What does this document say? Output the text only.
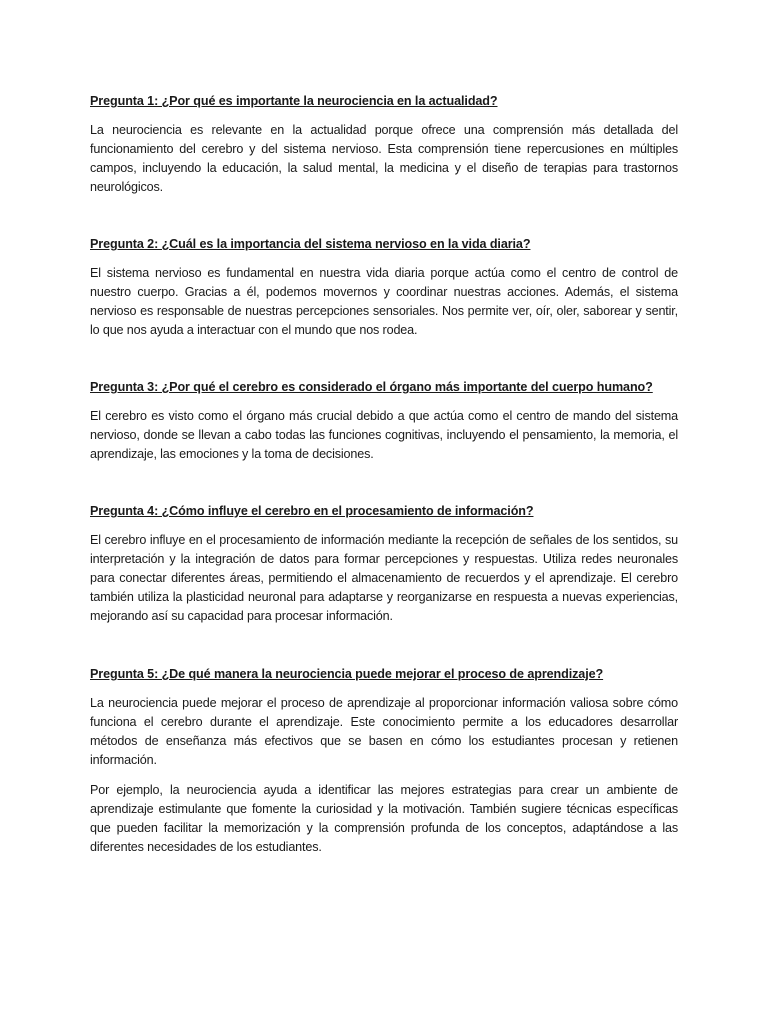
Pregunta 1: ¿Por qué es importante la neurociencia en la actualidad?

La neurociencia es relevante en la actualidad porque ofrece una comprensión más detallada del funcionamiento del cerebro y del sistema nervioso. Esta comprensión tiene repercusiones en múltiples campos, incluyendo la educación, la salud mental, la medicina y el diseño de terapias para trastornos neurológicos.

Pregunta 2: ¿Cuál es la importancia del sistema nervioso en la vida diaria?

El sistema nervioso es fundamental en nuestra vida diaria porque actúa como el centro de control de nuestro cuerpo. Gracias a él, podemos movernos y coordinar nuestras acciones. Además, el sistema nervioso es responsable de nuestras percepciones sensoriales. Nos permite ver, oír, oler, saborear y sentir, lo que nos ayuda a interactuar con el mundo que nos rodea.

Pregunta 3: ¿Por qué el cerebro es considerado el órgano más importante del cuerpo humano?

El cerebro es visto como el órgano más crucial debido a que actúa como el centro de mando del sistema nervioso, donde se llevan a cabo todas las funciones cognitivas, incluyendo el pensamiento, la memoria, el aprendizaje, las emociones y la toma de decisiones.

Pregunta 4: ¿Cómo influye el cerebro en el procesamiento de información?

El cerebro influye en el procesamiento de información mediante la recepción de señales de los sentidos, su interpretación y la integración de datos para formar percepciones y respuestas. Utiliza redes neuronales para conectar diferentes áreas, permitiendo el almacenamiento de recuerdos y el aprendizaje. El cerebro también utiliza la plasticidad neuronal para adaptarse y reorganizarse en respuesta a nuevas experiencias, mejorando así su capacidad para procesar información.

Pregunta 5: ¿De qué manera la neurociencia puede mejorar el proceso de aprendizaje?

La neurociencia puede mejorar el proceso de aprendizaje al proporcionar información valiosa sobre cómo funciona el cerebro durante el aprendizaje. Este conocimiento permite a los educadores desarrollar métodos de enseñanza más efectivos que se basen en cómo los estudiantes procesan y retienen información.

Por ejemplo, la neurociencia ayuda a identificar las mejores estrategias para crear un ambiente de aprendizaje estimulante que fomente la curiosidad y la motivación. También sugiere técnicas específicas que pueden facilitar la memorización y la comprensión profunda de los conceptos, adaptándose a las diferentes necesidades de los estudiantes.
